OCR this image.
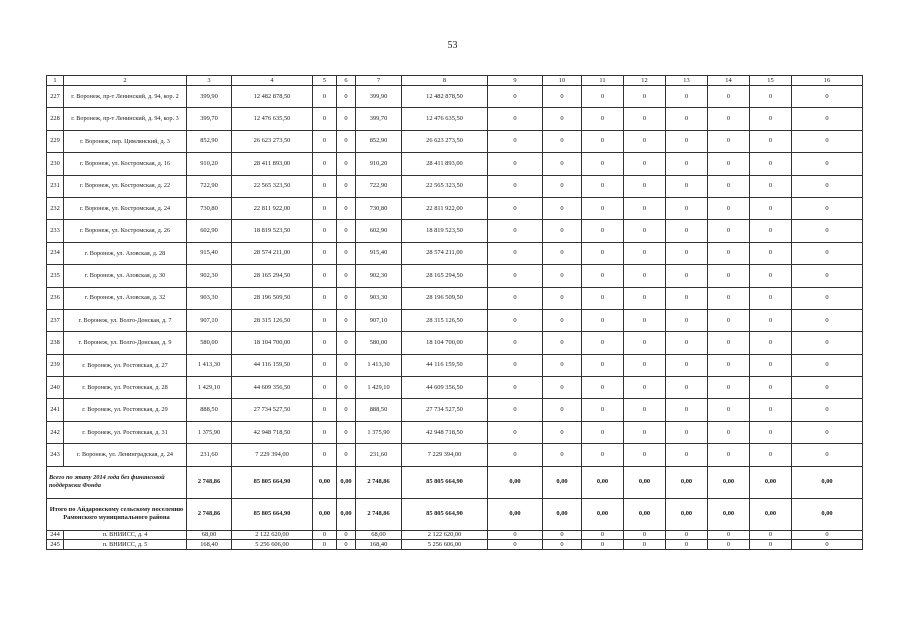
53
1	2	3	4	5	6	7	8	9	10	11	12	13	14	15	16
227	г. Воронеж, пр-т Ленинский, д. 94, кор. 2	399,90	12 482 878,50	0	0	399,90	12 482 878,50	0	0	0	0	0	0	0	0
228	г. Воронеж, пр-т Ленинский, д. 94, кор. 3	399,70	12 476 635,50	0	0	399,70	12 476 635,50	0	0	0	0	0	0	0	0
229	г. Воронеж, пер. Цимлянский, д. 3	852,90	26 623 273,50	0	0	852,90	26 623 273,50	0	0	0	0	0	0	0	0
230	г. Воронеж, ул. Костромская, д. 16	910,20	28 411 893,00	0	0	910,20	28 411 893,00	0	0	0	0	0	0	0	0
231	г. Воронеж, ул. Костромская, д. 22	722,90	22 565 323,50	0	0	722,90	22 565 323,50	0	0	0	0	0	0	0	0
232	г. Воронеж, ул. Костромская, д. 24	730,80	22 811 922,00	0	0	730,80	22 811 922,00	0	0	0	0	0	0	0	0
233	г. Воронеж, ул. Костромская, д. 26	602,90	18 819 523,50	0	0	602,90	18 819 523,50	0	0	0	0	0	0	0	0
234	г. Воронеж, ул. Азовская, д. 28	915,40	28 574 211,00	0	0	915,40	28 574 211,00	0	0	0	0	0	0	0	0
235	г. Воронеж, ул. Азовская, д. 30	902,30	28 165 294,50	0	0	902,30	28 165 294,50	0	0	0	0	0	0	0	0
236	г. Воронеж, ул. Азовская, д. 32	903,30	28 196 509,50	0	0	903,30	28 196 509,50	0	0	0	0	0	0	0	0
237	г. Воронеж, ул. Волго-Донская, д. 7	907,10	28 315 126,50	0	0	907,10	28 315 126,50	0	0	0	0	0	0	0	0
238	г. Воронеж, ул. Волго-Донская, д. 9	580,00	18 104 700,00	0	0	580,00	18 104 700,00	0	0	0	0	0	0	0	0
239	г. Воронеж, ул. Ростовская, д. 27	1 413,30	44 116 159,50	0	0	1 413,30	44 116 159,50	0	0	0	0	0	0	0	0
240	г. Воронеж, ул. Ростовская, д. 28	1 429,10	44 609 356,50	0	0	1 429,10	44 609 356,50	0	0	0	0	0	0	0	0
241	г. Воронеж, ул. Ростовская, д. 29	888,50	27 734 527,50	0	0	888,50	27 734 527,50	0	0	0	0	0	0	0	0
242	г. Воронеж, ул. Ростовская, д. 31	1 375,90	42 948 718,50	0	0	1 375,90	42 948 718,50	0	0	0	0	0	0	0	0
243	г. Воронеж, ул. Ленинградская, д. 24	231,60	7 229 394,00	0	0	231,60	7 229 394,00	0	0	0	0	0	0	0	0
Всего по этапу 2014 года без финансовой поддержки Фонда		2 748,86	85 805 664,90	0,00	0,00	2 748,86	85 805 664,90	0,00	0,00	0,00	0,00	0,00	0,00	0,00	0,00
Итого по Айдаровскому сельскому поселению Рамонского муниципального района		2 748,86	85 805 664,90	0,00	0,00	2 748,86	85 805 664,90	0,00	0,00	0,00	0,00	0,00	0,00	0,00	0,00
244	п. ВНИИСС, д. 4	68,00	2 122 620,00	0	0	68,00	2 122 620,00	0	0	0	0	0	0	0	0
245	п. ВНИИСС, д. 5	168,40	5 256 606,00	0	0	168,40	5 256 606,00	0	0	0	0	0	0	0	0
